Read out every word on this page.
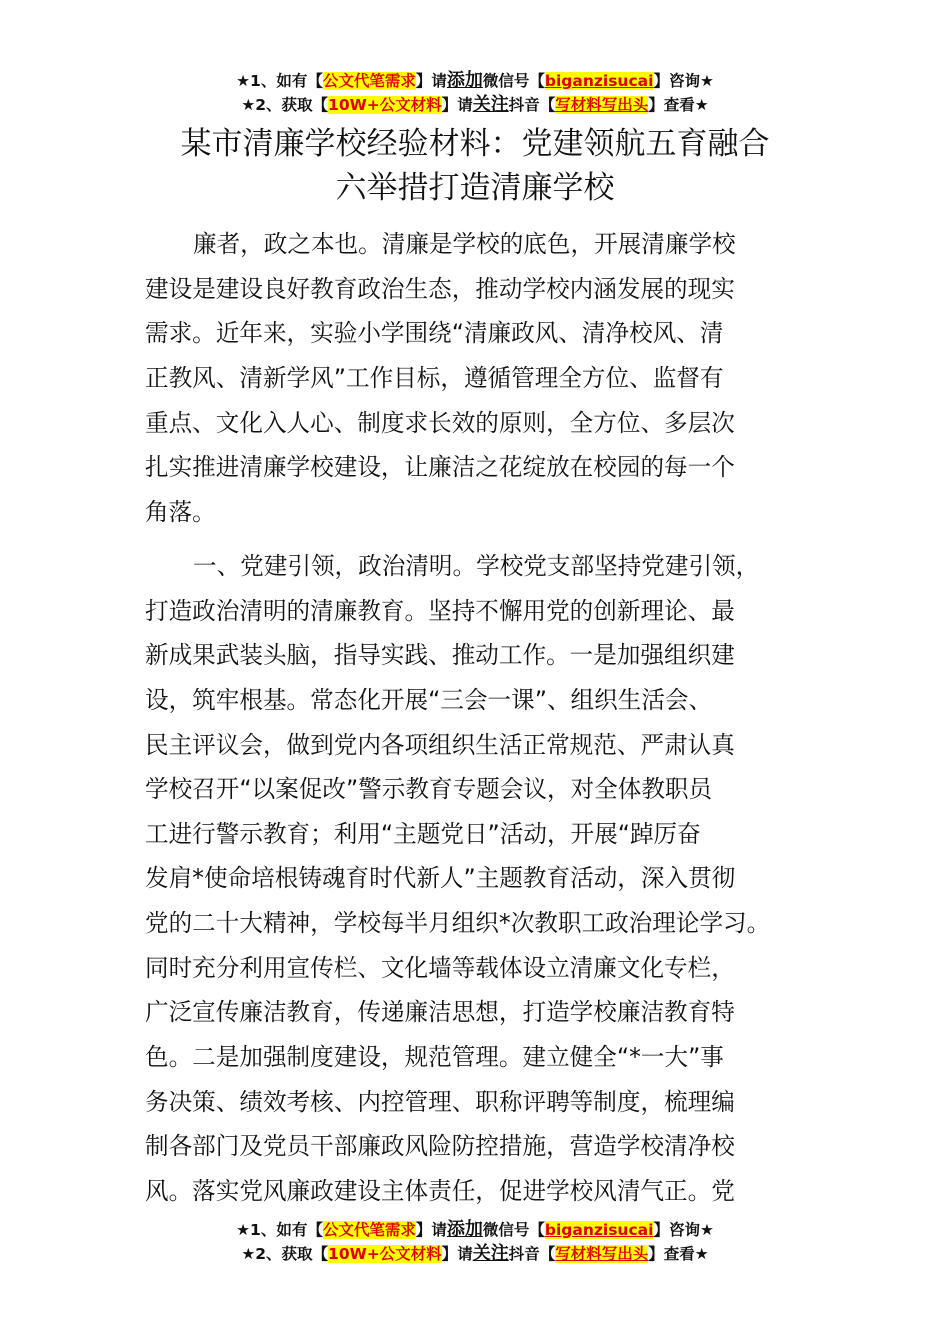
★1、如有【公文代笔需求】请添加微信号【biganzisucai】咨询★
★2、获取【10W+公文材料】请关注抖音【写材料写出头】查看★
某市清廉学校经验材料：党建领航五育融合
六举措打造清廉学校
廉者，政之本也。清廉是学校的底色，开展清廉学校
建设是建设良好教育政治生态，推动学校内涵发展的现实
需求。近年来，实验小学围绕“清廉政风、清净校风、清
正教风、清新学风”工作目标，遵循管理全方位、监督有
重点、文化入人心、制度求长效的原则，全方位、多层次
扎实推进清廉学校建设，让廉洁之花绽放在校园的每一个
角落。
一、党建引领，政治清明。学校党支部坚持党建引领，
打造政治清明的清廉教育。坚持不懈用党的创新理论、最
新成果武装头脑，指导实践、推动工作。一是加强组织建
设，筑牢根基。常态化开展“三会一课”、组织生活会、
民主评议会，做到党内各项组织生活正常规范、严肃认真
学校召开“以案促改”警示教育专题会议，对全体教职员
工进行警示教育；利用“主题党日”活动，开展“踔厉奋
发肩*使命培根铸魂育时代新人”主题教育活动，深入贯彻
党的二十大精神，学校每半月组织*次教职工政治理论学习。
同时充分利用宣传栏、文化墙等载体设立清廉文化专栏，
广泛宣传廉洁教育，传递廉洁思想，打造学校廉洁教育特
色。二是加强制度建设，规范管理。建立健全“*一大”事
务决策、绩效考核、内控管理、职称评聘等制度，梳理编
制各部门及党员干部廉政风险防控措施，营造学校清净校
风。落实党风廉政建设主体责任，促进学校风清气正。党
★1、如有【公文代笔需求】请添加微信号【biganzisucai】咨询★
★2、获取【10W+公文材料】请关注抖音【写材料写出头】查看★
